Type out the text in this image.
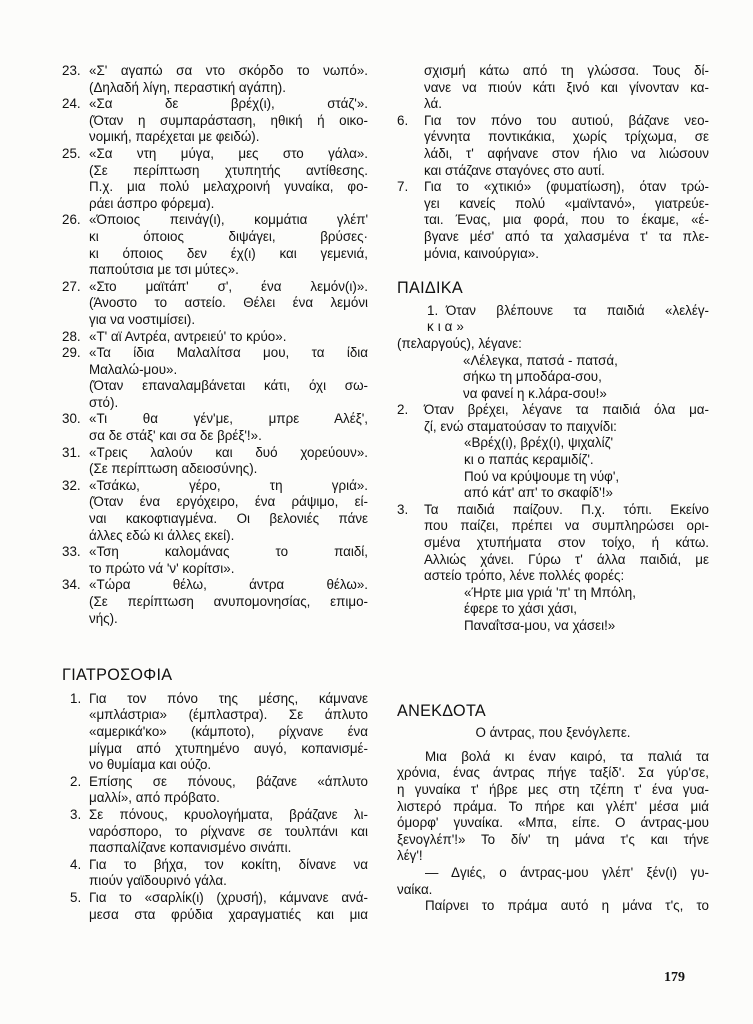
23. «Σ' αγαπώ σα ντο σκόρδο το νωπό».
(Δηλαδή λίγη, περαστική αγάπη).
24. «Σα δε βρέχ(ι), στάζ'».
(Όταν η συμπαράσταση, ηθική ή οικο-
νομική, παρέχεται με φειδώ).
25. «Σα ντη μύγα, μες στο γάλα».
(Σε περίπτωση χτυπητής αντίθεσης.
Π.χ. μια πολύ μελαχροινή γυναίκα, φο-
ράει άσπρο φόρεμα).
26. «Όποιος πεινάγ(ι), κομμάτια γλέπ'
κι όποιος διψάγει, βρύσες·
κι όποιος δεν έχ(ι) και γεμενιά,
παπούτσια με τσι μύτες».
27. «Στο μαϊτάπ' σ', ένα λεμόν(ι)».
(Άνοστο το αστείο. Θέλει ένα λεμόνι
για να νοστιμίσει).
28. «Τ' αϊ Αντρέα, αντρειεύ' το κρύο».
29. «Τα ίδια Μαλαλίτσα μου, τα ίδια
Μαλαλώ-μου».
(Όταν επαναλαμβάνεται κάτι, όχι σω-
στό).
30. «Τι θα γέν'με, μπρε Αλέξ',
σα δε στάξ' και σα δε βρέξ'!».
31. «Τρεις λαλούν και δυό χορεύουν».
(Σε περίπτωση αδειοσύνης).
32. «Τσάκω, γέρο, τη γριά».
(Όταν ένα εργόχειρο, ένα ράψιμο, εί-
ναι κακοφτιαγμένα. Οι βελονιές πάνε
άλλες εδώ κι άλλες εκεί).
33. «Τση καλομάνας το παιδί,
το πρώτο νά 'ν' κορίτσι».
34. «Τώρα θέλω, άντρα θέλω».
(Σε περίπτωση ανυπομονησίας, επιμο-
νής).
ΓΙΑΤΡΟΣΟΦΙΑ
1. Για τον πόνο της μέσης, κάμνανε
«μπλάστρια» (έμπλαστρα). Σε άπλυτο
«αμερικά'κο» (κάμποτο), ρίχνανε ένα
μίγμα από χτυπημένο αυγό, κοπανισμέ-
νο θυμίαμα και ούζο.
2. Επίσης σε πόνους, βάζανε «άπλυτο
μαλλί», από πρόβατο.
3. Σε πόνους, κρυολογήματα, βράζανε λι-
ναρόσπορο, το ρίχνανε σε τουλπάνι και
πασπαλίζανε κοπανισμένο σινάπι.
4. Για το βήχα, τον κοκίτη, δίνανε να
πιούν γαϊδουρινό γάλα.
5. Για το «σαρλίκ(ι) (χρυσή), κάμνανε ανά-
μεσα στα φρύδια χαραγματιές και μια
σχισμή κάτω από τη γλώσσα. Τους δί-
νανε να πιούν κάτι ξινό και γίνονταν κα-
λά.
6.	Για τον πόνο του αυτιού, βάζανε νεο-
γέννητα ποντικάκια, χωρίς τρίχωμα, σε
λάδι, τ' αφήνανε στον ήλιο να λιώσουν
και στάζανε σταγόνες στο αυτί.
7.	Για το «χτικιό» (φυματίωση), όταν τρώ-
γει κανείς πολύ «μαϊντανό», γιατρεύε-
ται. Ένας, μια φορά, που το έκαμε, «έ-
βγανε μέσ' από τα χαλασμένα τ' τα πλε-
μόνια, καινούργια».
ΠΑΙΔΙΚΑ
1. Όταν βλέπουνε τα παιδιά «λελέγ-
κια»
(πελαργούς), λέγανε:
«Λέλεγκα, πατσά - πατσά,
σήκω τη μποδάρα-σου,
να φανεί η κ.λάρα-σου!»
2.	Όταν βρέχει, λέγανε τα παιδιά όλα μα-
ζί, ενώ σταματούσαν το παιχνίδι:
«Βρέχ(ι), βρέχ(ι), ψιχαλίζ'
κι ο παπάς κεραμιδίζ'.
Πού να κρύψουμε τη νύφ',
από κάτ' απ' το σκαφίδ'!»
3.	Τα παιδιά παίζουν. Π.χ. τόπι. Εκείνο
που παίζει, πρέπει να συμπληρώσει ορι-
σμένα χτυπήματα στον τοίχο, ή κάτω.
Αλλιώς χάνει. Γύρω τ' άλλα παιδιά, με
αστείο τρόπο, λένε πολλές φορές:
«Ήρτε μια γριά 'π' τη Μπόλη,
έφερε το χάσι χάσι,
Παναΐτσα-μου, να χάσει!»
ΑΝΕΚΔΟΤΑ
Ο άντρας, που ξενόγλεπε.
Μια βολά κι έναν καιρό, τα παλιά τα
χρόνια, ένας άντρας πήγε ταξίδ'. Σα γύρ'σε,
η γυναίκα τ' ήβρε μες στη τζέπη τ' ένα γυα-
λιστερό πράμα. Το πήρε και γλέπ' μέσα μιά
όμορφ' γυναίκα. «Μπα, είπε. Ο άντρας-μου
ξενογλέπ'!» Το δίν' τη μάνα τ'ς και τήνε
λέγ'!
— Δγιές, ο άντρας-μου γλέπ' ξέν(ι) γυ-
ναίκα.
Παίρνει το πράμα αυτό η μάνα τ'ς, το
179
